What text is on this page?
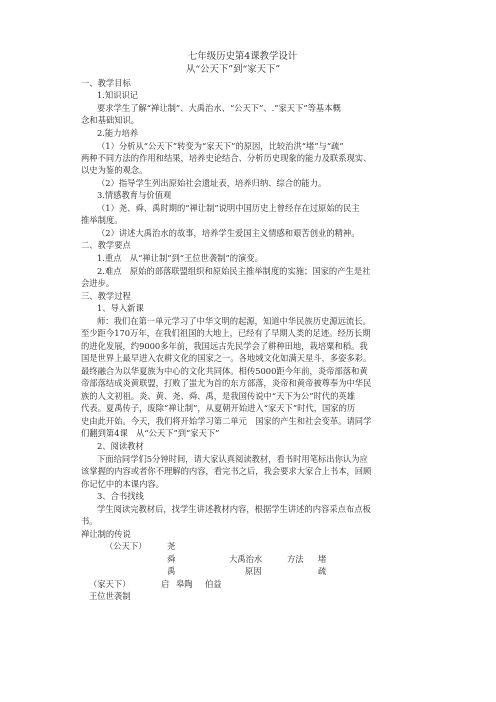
七年级历史第4课教学设计
从“公天下”到“家天下”
一、教学目标
1.知识识记
要求学生了解“禅让制”、大禹治水、“公天下”、.“家天下”等基本概
念和基础知识。
2.能力培养
（1）分析从“公天下”转变为“家天下”的原因，比较治洪“堵”与“疏”
两种不同方法的作用和结果，培养史论结合、分析历史现象的能力及联系现实、
以史为鉴的观念。
（2）指导学生列出原始社会遗址表，培养归纳、综合的能力。
3.情感教育与价值观
（1）尧、舜、禹时期的“禅让制”说明中国历史上曾经存在过原始的民主
推举制度。
（2）讲述大禹治水的故事，培养学生爱国主义情感和艰苦创业的精神。
二、教学要点
1.重点　从“禅让制”到“王位世袭制”的演变。
2.难点　原始的部落联盟组织和原始民主推举制度的实施；国家的产生是社
会进步。
三、教学过程
1、导入新课
师：我们在第一单元学习了中华文明的起源，知道中华民族历史源远流长。
至少距今170万年，在我们祖国的大地上，已经有了早期人类的足迹。经历长期
的进化发展，约9000多年前，我国远古先民学会了耕种田地，栽培粟和稻。我
国是世界上最早进入农耕文化的国家之一。各地域文化如满天星斗，多姿多彩。
最终融合为以华夏族为中心的文化共同体。相传5000距今年前，炎帝部落和黄
帝部落结成炎黄联盟，打败了蚩尤为首的东方部落，炎帝和黄帝被尊奉为中华民
族的人文初祖。炎、黄、尧、舜、禹，是我国传说中“天下为公”时代的英雄
代表。夏禹传子，废除“禅让制”，从夏朝开始进入“家天下”时代，国家的历
史由此开始。今天，我们将开始学习第二单元　国家的产生和社会变革。请同学
们翻到第4课　从“公天下”到“家天下”
2、阅读教材
下面给同学们5分钟时间，请大家认真阅读教材，看书时用笔标出你认为应
该掌握的内容或者你不理解的内容，看完书之后，我会要求大家合上书本，回顾
你记忆中的本课内容。
3、合书找线
学生阅读完教材后，找学生讲述教材内容，根据学生讲述的内容采点布点板
书。
禅让制的传说
（公天下） 尧
舜	大禹治水	方法 堵
禹	原因	疏
（家天下）	启 皋陶 伯益
王位世袭制
